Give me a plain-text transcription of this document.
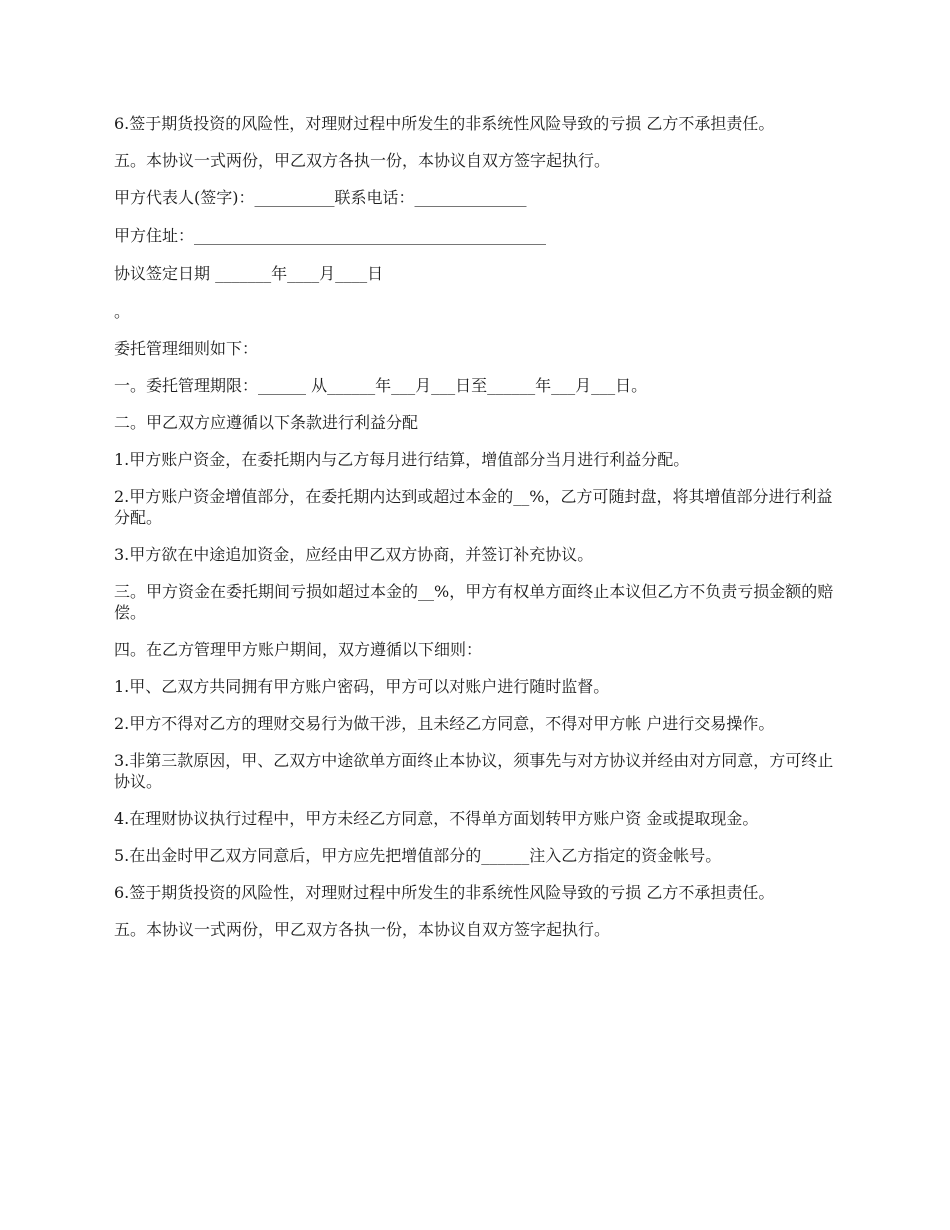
6.签于期货投资的风险性，对理财过程中所发生的非系统性风险导致的亏损 乙方不承担责任。

五。本协议一式两份，甲乙双方各执一份，本协议自双方签字起执行。

甲方代表人(签字)：__________联系电话：______________

甲方住址：____________________________________________

协议签定日期 _______年____月____日

。

委托管理细则如下：

一。委托管理期限：______ 从______年___月___日至______年___月___日。

二。甲乙双方应遵循以下条款进行利益分配

1.甲方账户资金，在委托期内与乙方每月进行结算，增值部分当月进行利益分配。

2.甲方账户资金增值部分，在委托期内达到或超过本金的__%，乙方可随封盘，将其增值部分进行利益分配。

3.甲方欲在中途追加资金，应经由甲乙双方协商，并签订补充协议。

三。甲方资金在委托期间亏损如超过本金的__%，甲方有权单方面终止本议但乙方不负责亏损金额的赔偿。

四。在乙方管理甲方账户期间，双方遵循以下细则：

1.甲、乙双方共同拥有甲方账户密码，甲方可以对账户进行随时监督。

2.甲方不得对乙方的理财交易行为做干涉，且未经乙方同意，不得对甲方帐 户进行交易操作。

3.非第三款原因，甲、乙双方中途欲单方面终止本协议，须事先与对方协议并经由对方同意，方可终止协议。

4.在理财协议执行过程中，甲方未经乙方同意，不得单方面划转甲方账户资 金或提取现金。

5.在出金时甲乙双方同意后，甲方应先把增值部分的______注入乙方指定的资金帐号。

6.签于期货投资的风险性，对理财过程中所发生的非系统性风险导致的亏损 乙方不承担责任。

五。本协议一式两份，甲乙双方各执一份，本协议自双方签字起执行。
